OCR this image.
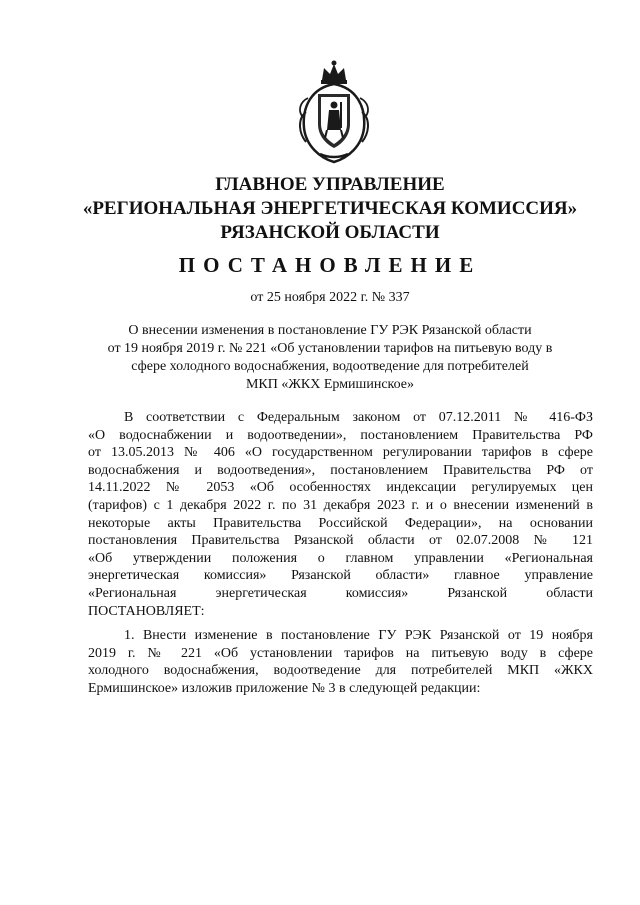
ГЛАВНОЕ УПРАВЛЕНИЕ
«РЕГИОНАЛЬНАЯ ЭНЕРГЕТИЧЕСКАЯ КОМИССИЯ»
РЯЗАНСКОЙ ОБЛАСТИ
ПОСТАНОВЛЕНИЕ
от 25 ноября 2022 г. № 337
О внесении изменения в постановление ГУ РЭК Рязанской области
от 19 ноября 2019 г. № 221 «Об установлении тарифов на питьевую воду в
сфере холодного водоснабжения, водоотведение для потребителей
МКП «ЖКХ Ермишинское»
В соответствии с Федеральным законом от 07.12.2011 № 416-ФЗ
«О водоснабжении и водоотведении», постановлением Правительства РФ
от 13.05.2013 № 406 «О государственном регулировании тарифов в сфере
водоснабжения и водоотведения», постановлением Правительства РФ от
14.11.2022 № 2053 «Об особенностях индексации регулируемых цен
(тарифов) с 1 декабря 2022 г. по 31 декабря 2023 г. и о внесении изменений в
некоторые акты Правительства Российской Федерации», на основании
постановления Правительства Рязанской области от 02.07.2008 № 121
«Об утверждении положения о главном управлении «Региональная
энергетическая комиссия» Рязанской области» главное управление
«Региональная энергетическая комиссия» Рязанской области
ПОСТАНОВЛЯЕТ:
1. Внести изменение в постановление ГУ РЭК Рязанской от 19 ноября
2019 г. № 221 «Об установлении тарифов на питьевую воду в сфере
холодного водоснабжения, водоотведение для потребителей МКП «ЖКХ
Ермишинское» изложив приложение № 3 в следующей редакции:
